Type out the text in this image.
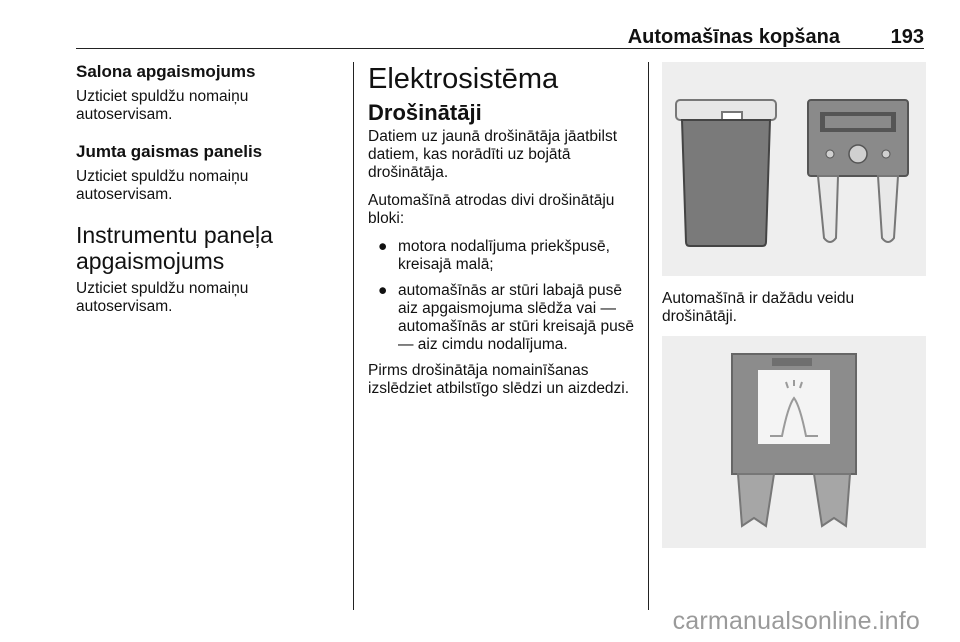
Automašīnas kopšana	193
Salona apgaismojums

Uzticiet spuldžu nomaiņu autoservisam.

Jumta gaismas panelis

Uzticiet spuldžu nomaiņu autoservisam.

Instrumentu paneļa apgaismojums

Uzticiet spuldžu nomaiņu autoservisam.

Elektrosistēma
Drošinātāji

Datiem uz jaunā drošinātāja jāatbilst datiem, kas norādīti uz bojātā drošinātāja.

Automašīnā atrodas divi drošinātāju bloki:

● motora nodalījuma priekšpusē, kreisajā malā;
● automašīnās ar stūri labajā pusē aiz apgaismojuma slēdža vai — automašīnās ar stūri kreisajā pusē — aiz cimdu nodalījuma.

Pirms drošinātāja nomainīšanas izslēdziet atbilstīgo slēdzi un aizdedzi.

Automašīnā ir dažādu veidu drošinātāji.

carmanualsonline.info
